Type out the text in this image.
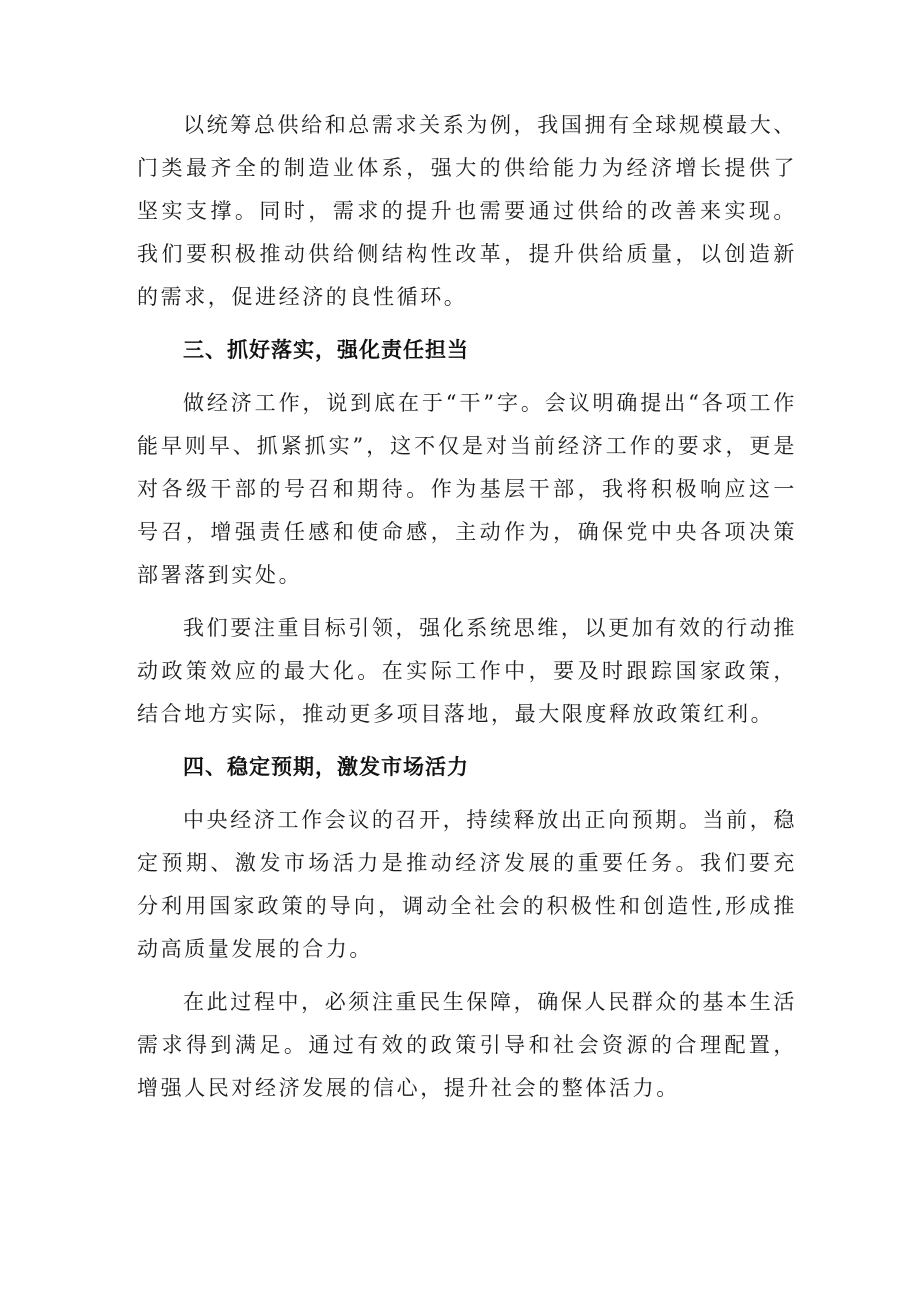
以统筹总供给和总需求关系为例，我国拥有全球规模最大、门类最齐全的制造业体系，强大的供给能力为经济增长提供了坚实支撑。同时，需求的提升也需要通过供给的改善来实现。我们要积极推动供给侧结构性改革，提升供给质量，以创造新的需求，促进经济的良性循环。

三、抓好落实，强化责任担当

做经济工作，说到底在于“干”字。会议明确提出“各项工作能早则早、抓紧抓实”，这不仅是对当前经济工作的要求，更是对各级干部的号召和期待。作为基层干部，我将积极响应这一号召，增强责任感和使命感，主动作为，确保党中央各项决策部署落到实处。

我们要注重目标引领，强化系统思维，以更加有效的行动推动政策效应的最大化。在实际工作中，要及时跟踪国家政策，结合地方实际，推动更多项目落地，最大限度释放政策红利。

四、稳定预期，激发市场活力

中央经济工作会议的召开，持续释放出正向预期。当前，稳定预期、激发市场活力是推动经济发展的重要任务。我们要充分利用国家政策的导向，调动全社会的积极性和创造性,形成推动高质量发展的合力。

在此过程中，必须注重民生保障，确保人民群众的基本生活需求得到满足。通过有效的政策引导和社会资源的合理配置，增强人民对经济发展的信心，提升社会的整体活力。
